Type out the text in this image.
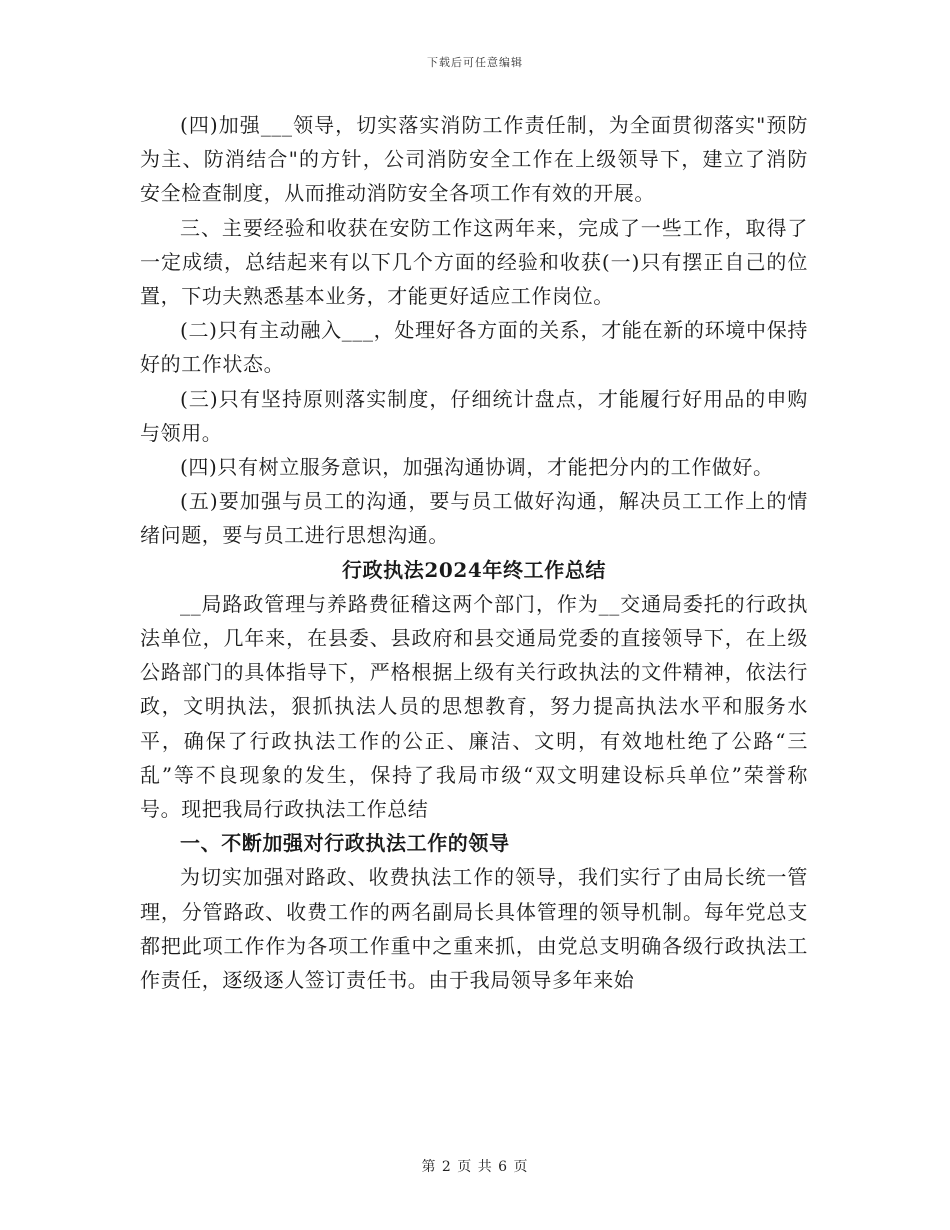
下载后可任意编辑

(四)加强___领导，切实落实消防工作责任制，为全面贯彻落实"预防为主、防消结合"的方针，公司消防安全工作在上级领导下，建立了消防安全检查制度，从而推动消防安全各项工作有效的开展。

三、主要经验和收获在安防工作这两年来，完成了一些工作，取得了一定成绩，总结起来有以下几个方面的经验和收获(一)只有摆正自己的位置，下功夫熟悉基本业务，才能更好适应工作岗位。

(二)只有主动融入___，处理好各方面的关系，才能在新的环境中保持好的工作状态。

(三)只有坚持原则落实制度，仔细统计盘点，才能履行好用品的申购与领用。

(四)只有树立服务意识，加强沟通协调，才能把分内的工作做好。

(五)要加强与员工的沟通，要与员工做好沟通，解决员工工作上的情绪问题，要与员工进行思想沟通。

行政执法2024年终工作总结

__局路政管理与养路费征稽这两个部门，作为__交通局委托的行政执法单位，几年来，在县委、县政府和县交通局党委的直接领导下，在上级公路部门的具体指导下，严格根据上级有关行政执法的文件精神，依法行政，文明执法，狠抓执法人员的思想教育，努力提高执法水平和服务水平，确保了行政执法工作的公正、廉洁、文明，有效地杜绝了公路“三乱”等不良现象的发生，保持了我局市级“双文明建设标兵单位”荣誉称号。现把我局行政执法工作总结

一、不断加强对行政执法工作的领导

为切实加强对路政、收费执法工作的领导，我们实行了由局长统一管理，分管路政、收费工作的两名副局长具体管理的领导机制。每年党总支都把此项工作作为各项工作重中之重来抓，由党总支明确各级行政执法工作责任，逐级逐人签订责任书。由于我局领导多年来始

第 2 页 共 6 页
